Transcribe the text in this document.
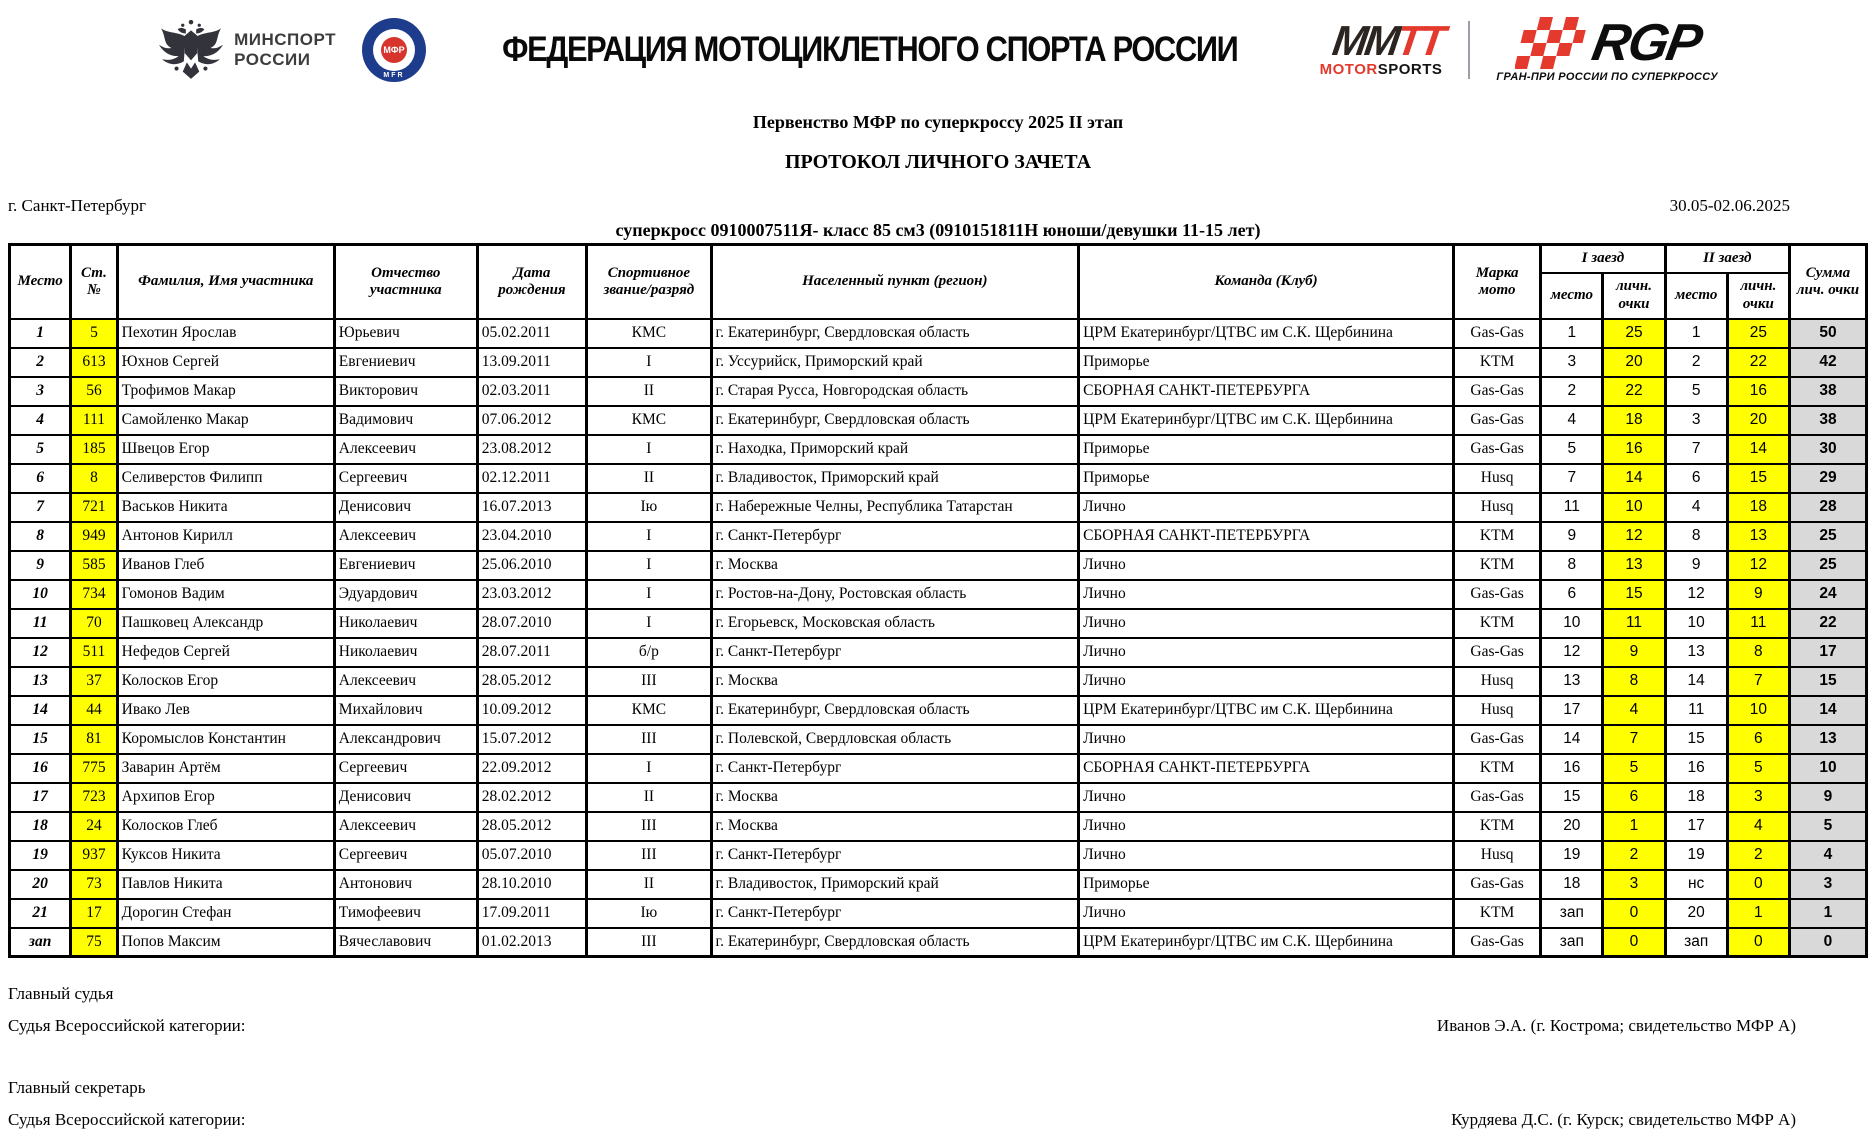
МИНСПОРТ
РОССИИ	МФР
MFR
ФЕДЕРАЦИЯ МОТОЦИКЛЕТНОГО СПОРТА РОССИИ MMTT
MOTORSPORTS	RGP
ГРАН-ПРИ РОССИИ ПО СУПЕРКРОССУ
Первенство МФР по суперкроссу 2025 II этап
ПРОТОКОЛ ЛИЧНОГО ЗАЧЕТА
г. Санкт-Петербург	30.05-02.06.2025
суперкросс 0910007511Я- класс 85 см3 (0910151811Н юноши/девушки 11-15 лет)
Место	Ст. №	Фамилия, Имя участника	Отчество участника	Дата рождения	Спортивное звание/разряд	Населенный пункт (регион)	Команда (Клуб)	Марка мото	I заезд		II заезд		Сумма лич. очки
									место	личн. очки	место	личн. очки	
1	5	Пехотин Ярослав	Юрьевич	05.02.2011	КМС	г. Екатеринбург, Свердловская область	ЦРМ Екатеринбург/ЦТВС им С.К. Щербинина	Gas-Gas	1	25	1	25	50
2	613	Юхнов Сергей	Евгениевич	13.09.2011	I	г. Уссурийск, Приморский край	Приморье	KTM	3	20	2	22	42
3	56	Трофимов Макар	Викторович	02.03.2011	II	г. Старая Русса, Новгородская область	СБОРНАЯ САНКТ-ПЕТЕРБУРГА	Gas-Gas	2	22	5	16	38
4	111	Самойленко Макар	Вадимович	07.06.2012	КМС	г. Екатеринбург, Свердловская область	ЦРМ Екатеринбург/ЦТВС им С.К. Щербинина	Gas-Gas	4	18	3	20	38
5	185	Швецов Егор	Алексеевич	23.08.2012	I	г. Находка, Приморский край	Приморье	Gas-Gas	5	16	7	14	30
6	8	Селиверстов Филипп	Сергеевич	02.12.2011	II	г. Владивосток, Приморский край	Приморье	Husq	7	14	6	15	29
7	721	Васьков Никита	Денисович	16.07.2013	Iю	г. Набережные Челны, Республика Татарстан	Лично	Husq	11	10	4	18	28
8	949	Антонов Кирилл	Алексеевич	23.04.2010	I	г. Санкт-Петербург	СБОРНАЯ САНКТ-ПЕТЕРБУРГА	KTM	9	12	8	13	25
9	585	Иванов Глеб	Евгениевич	25.06.2010	I	г. Москва	Лично	KTM	8	13	9	12	25
10	734	Гомонов Вадим	Эдуардович	23.03.2012	I	г. Ростов-на-Дону, Ростовская область	Лично	Gas-Gas	6	15	12	9	24
11	70	Пашковец Александр	Николаевич	28.07.2010	I	г. Егорьевск, Московская область	Лично	KTM	10	11	10	11	22
12	511	Нефедов Сергей	Николаевич	28.07.2011	б/р	г. Санкт-Петербург	Лично	Gas-Gas	12	9	13	8	17
13	37	Колосков Егор	Алексеевич	28.05.2012	III	г. Москва	Лично	Husq	13	8	14	7	15
14	44	Ивако Лев	Михайлович	10.09.2012	КМС	г. Екатеринбург, Свердловская область	ЦРМ Екатеринбург/ЦТВС им С.К. Щербинина	Husq	17	4	11	10	14
15	81	Коромыслов Константин	Александрович	15.07.2012	III	г. Полевской, Свердловская область	Лично	Gas-Gas	14	7	15	6	13
16	775	Заварин Артём	Сергеевич	22.09.2012	I	г. Санкт-Петербург	СБОРНАЯ САНКТ-ПЕТЕРБУРГА	KTM	16	5	16	5	10
17	723	Архипов Егор	Денисович	28.02.2012	II	г. Москва	Лично	Gas-Gas	15	6	18	3	9
18	24	Колосков Глеб	Алексеевич	28.05.2012	III	г. Москва	Лично	KTM	20	1	17	4	5
19	937	Куксов Никита	Сергеевич	05.07.2010	III	г. Санкт-Петербург	Лично	Husq	19	2	19	2	4
20	73	Павлов Никита	Антонович	28.10.2010	II	г. Владивосток, Приморский край	Приморье	Gas-Gas	18	3	нс	0	3
21	17	Дорогин Стефан	Тимофеевич	17.09.2011	Iю	г. Санкт-Петербург	Лично	KTM	зап	0	20	1	1
зап	75	Попов Максим	Вячеславович	01.02.2013	III	г. Екатеринбург, Свердловская область	ЦРМ Екатеринбург/ЦТВС им С.К. Щербинина	Gas-Gas	зап	0	зап	0	0
Главный судья
Судья Всероссийской категории:	Иванов Э.А. (г. Кострома; свидетельство МФР А)
Главный секретарь
Судья Всероссийской категории:	Курдяева Д.С. (г. Курск; свидетельство МФР А)
